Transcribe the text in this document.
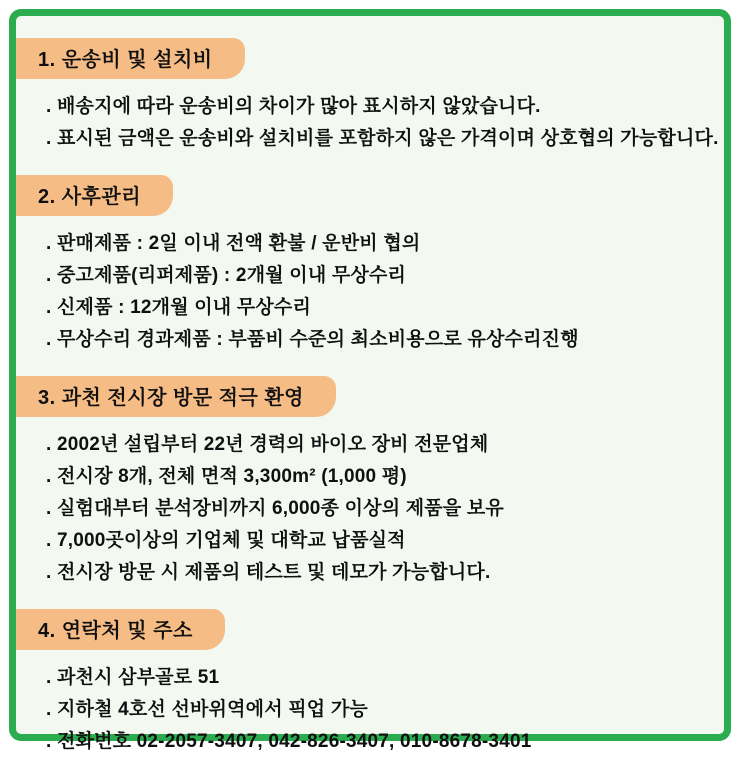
1. 운송비 및 설치비
. 배송지에 따라 운송비의 차이가 많아 표시하지 않았습니다.
. 표시된 금액은 운송비와 설치비를 포함하지 않은 가격이며 상호협의 가능합니다.
2. 사후관리
. 판매제품 : 2일 이내 전액 환불 / 운반비 협의
. 중고제품(리퍼제품) : 2개월 이내 무상수리
. 신제품 : 12개월 이내 무상수리
. 무상수리 경과제품 : 부품비 수준의 최소비용으로 유상수리진행
3. 과천 전시장 방문 적극 환영
. 2002년 설립부터 22년 경력의 바이오 장비 전문업체
. 전시장 8개, 전체 면적 3,300m² (1,000 평)
. 실험대부터 분석장비까지 6,000종 이상의 제품을 보유
. 7,000곳이상의 기업체 및 대학교 납품실적
. 전시장 방문 시 제품의 테스트 및 데모가 가능합니다.
4. 연락처 및 주소
. 과천시 삼부골로 51
. 지하철 4호선 선바위역에서 픽업 가능
. 전화번호 02-2057-3407, 042-826-3407, 010-8678-3401
